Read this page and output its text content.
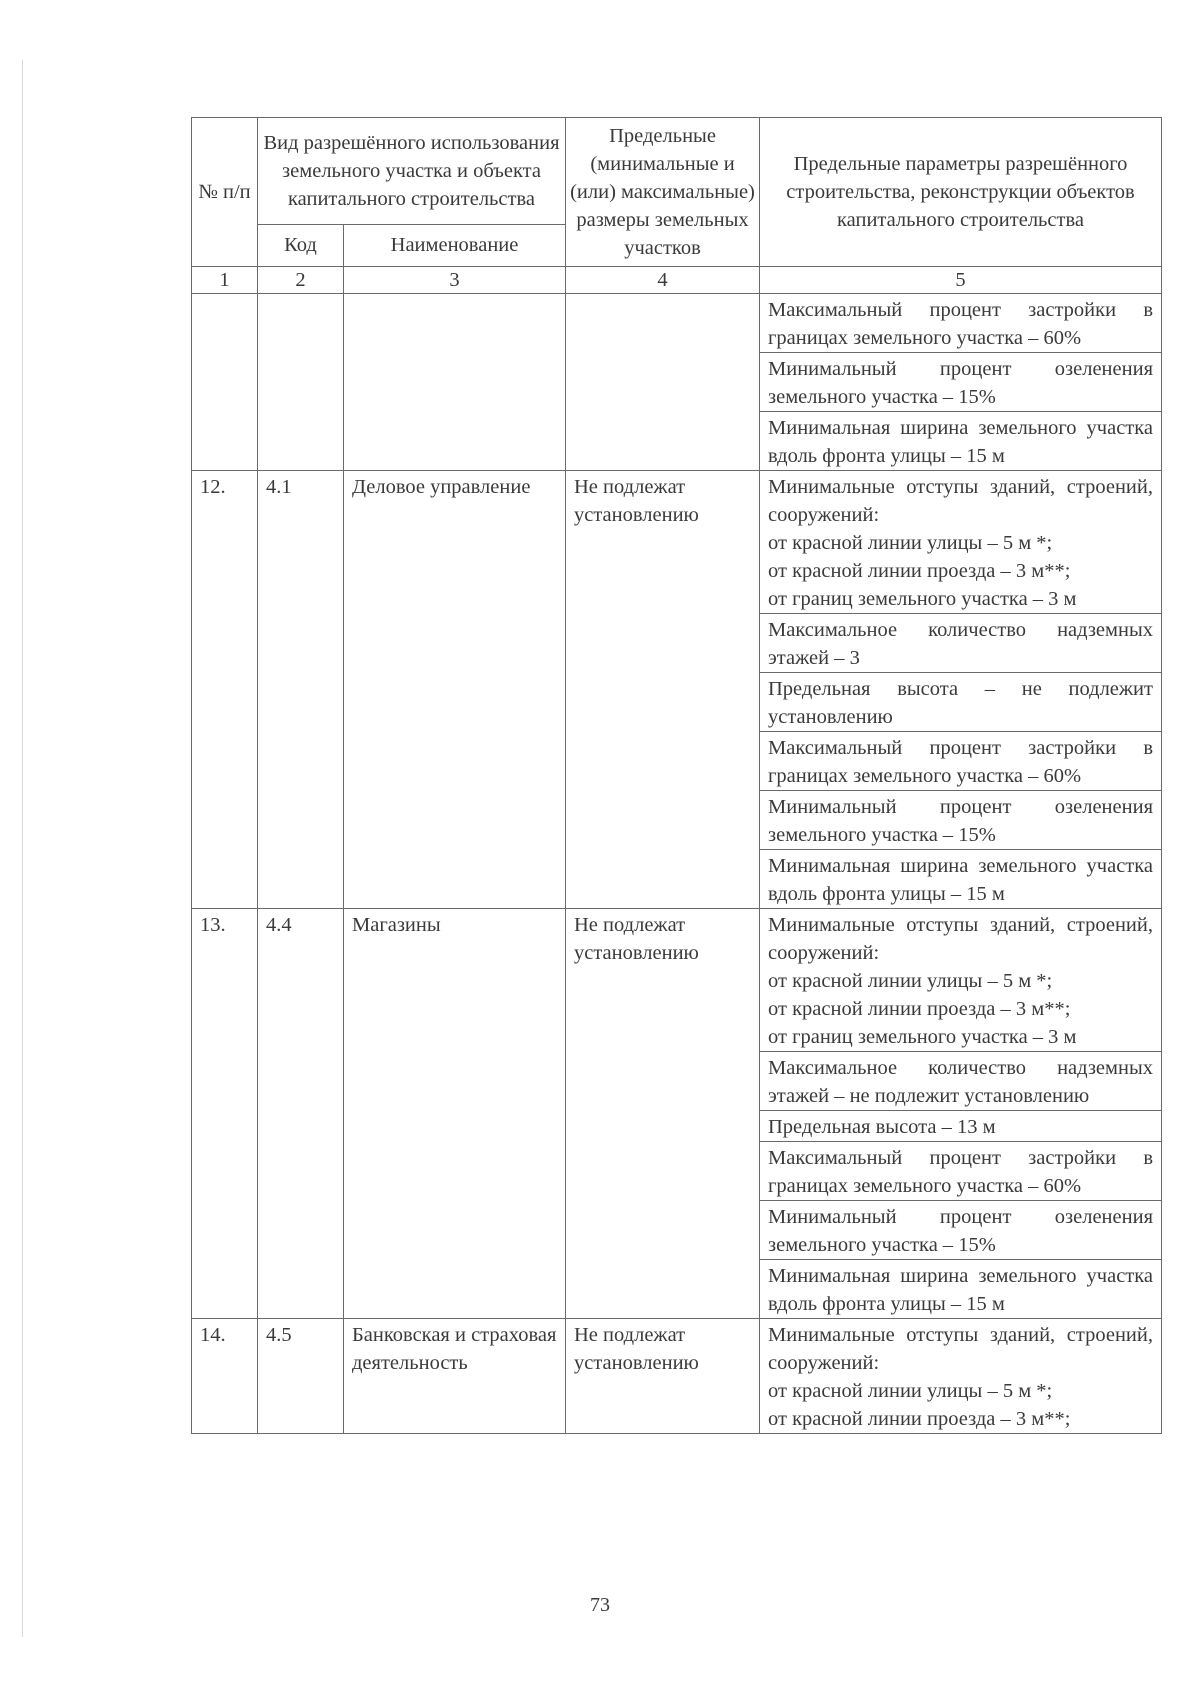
№ п/п	Вид разрешённого использования земельного участка и объекта капитального строительства		Предельные (минимальные и (или) максимальные) размеры земельных участков	Предельные параметры разрешённого строительства, реконструкции объектов капитального строительства
	Код	Наименование		
1	2	3	4	5
				Максимальный процент застройки в границах земельного участка – 60%
				Минимальный процент озеленения земельного участка – 15%
				Минимальная ширина земельного участка вдоль фронта улицы – 15 м
12.	4.1	Деловое управление	Не подлежат установлению	Минимальные отступы зданий, строений, сооружений:
от красной линии улицы – 5 м *;
от красной линии проезда – 3 м**;
от границ земельного участка – 3 м
				Максимальное количество надземных этажей – 3
				Предельная высота – не подлежит установлению
				Максимальный процент застройки в границах земельного участка – 60%
				Минимальный процент озеленения земельного участка – 15%
				Минимальная ширина земельного участка вдоль фронта улицы – 15 м
13.	4.4	Магазины	Не подлежат установлению	Минимальные отступы зданий, строений, сооружений:
от красной линии улицы – 5 м *;
от красной линии проезда – 3 м**;
от границ земельного участка – 3 м
				Максимальное количество надземных этажей – не подлежит установлению
				Предельная высота – 13 м
				Максимальный процент застройки в границах земельного участка – 60%
				Минимальный процент озеленения земельного участка – 15%
				Минимальная ширина земельного участка вдоль фронта улицы – 15 м
14.	4.5	Банковская и страховая деятельность	Не подлежат установлению	Минимальные отступы зданий, строений, сооружений:
от красной линии улицы – 5 м *;
от красной линии проезда – 3 м**;
73
